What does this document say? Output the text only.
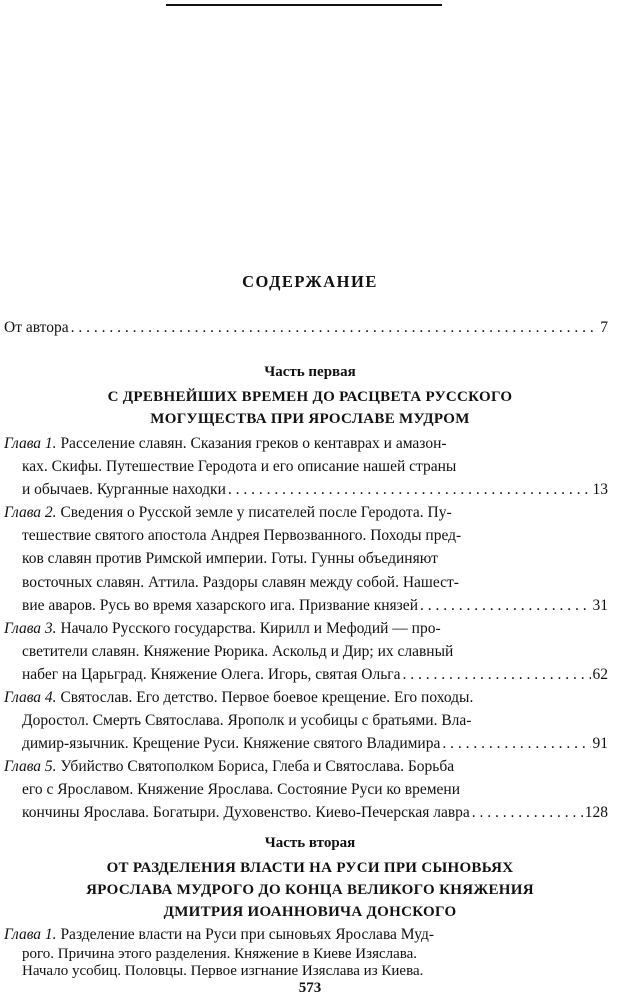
СОДЕРЖАНИЕ
От автора . . .	7
Часть первая
С ДРЕВНЕЙШИХ ВРЕМЕН ДО РАСЦВЕТА РУССКОГО
МОГУЩЕСТВА ПРИ ЯРОСЛАВЕ МУДРОМ
Глава 1. Расселение славян. Сказания греков о кентаврах и амазон-
ках. Скифы. Путешествие Геродота и его описание нашей страны
и обычаев. Курганные находки . . .	13
Глава 2. Сведения о Русской земле у писателей после Геродота. Пу-
тешествие святого апостола Андрея Первозванного. Походы пред-
ков славян против Римской империи. Готы. Гунны объединяют
восточных славян. Аттила. Раздоры славян между собой. Нашест-
вие аваров. Русь во время хазарского ига. Призвание князей . . .	31
Глава 3. Начало Русского государства. Кирилл и Мефодий — про-
светители славян. Княжение Рюрика. Аскольд и Дир; их славный
набег на Царьград. Княжение Олега. Игорь, святая Ольга . . .	62
Глава 4. Святослав. Его детство. Первое боевое крещение. Его походы.
Доростол. Смерть Святослава. Ярополк и усобицы с братьями. Вла-
димир-язычник. Крещение Руси. Княжение святого Владимира . . .	91
Глава 5. Убийство Святополком Бориса, Глеба и Святослава. Борьба
его с Ярославом. Княжение Ярослава. Состояние Руси ко времени
кончины Ярослава. Богатыри. Духовенство. Киево-Печерская лавра . . .	128
Часть вторая
ОТ РАЗДЕЛЕНИЯ ВЛАСТИ НА РУСИ ПРИ СЫНОВЬЯХ
ЯРОСЛАВА МУДРОГО ДО КОНЦА ВЕЛИКОГО КНЯЖЕНИЯ
ДМИТРИЯ ИОАННОВИЧА ДОНСКОГО
Глава 1. Разделение власти на Руси при сыновьях Ярослава Муд-
рого. Причина этого разделения. Княжение в Киеве Изяслава.
Начало усобиц. Половцы. Первое изгнание Изяслава из Киева.
573
